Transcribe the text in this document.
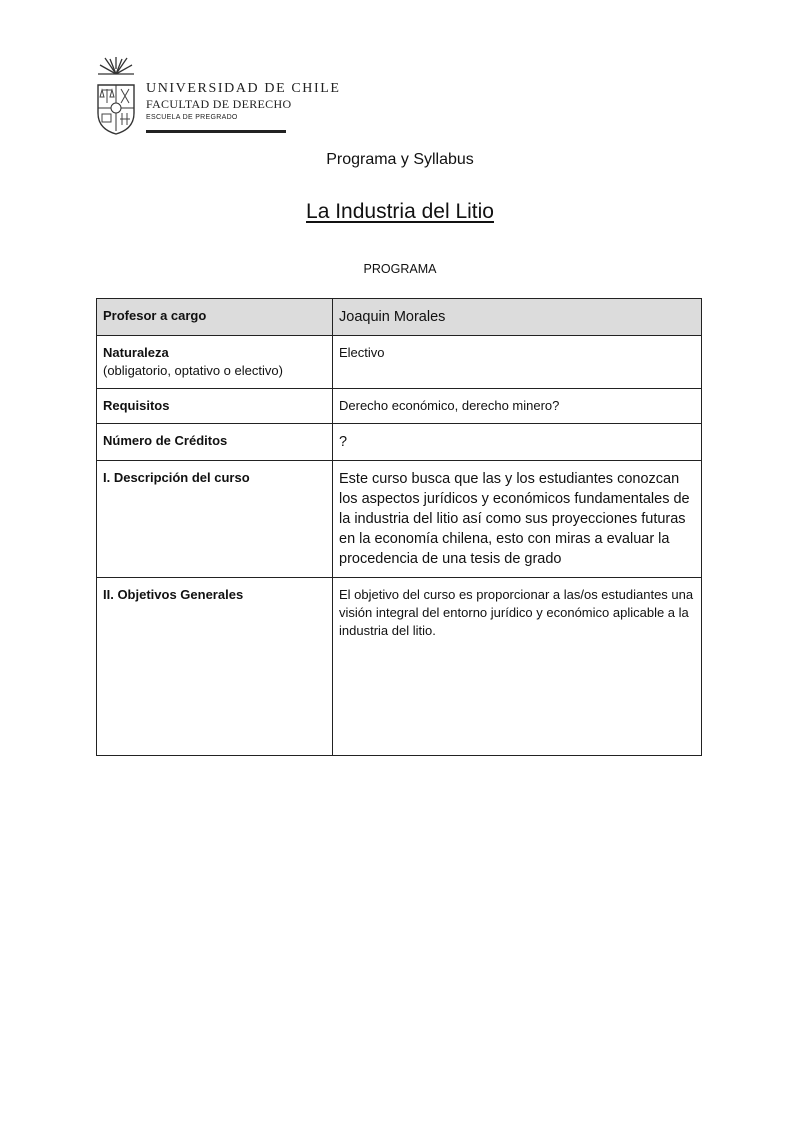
UNIVERSIDAD DE CHILE
FACULTAD DE DERECHO
ESCUELA DE PREGRADO
Programa y Syllabus
La Industria del Litio
PROGRAMA
Profesor a cargo	Joaquin Morales
Naturaleza
(obligatorio, optativo o electivo)	Electivo
Requisitos	Derecho económico, derecho minero?
Número de Créditos	?
I. Descripción del curso	Este curso busca que las y los estudiantes conozcan los aspectos jurídicos y económicos fundamentales de la industria del litio así como sus proyecciones futuras en la economía chilena, esto con miras a evaluar la procedencia de una tesis de grado
II. Objetivos Generales	El objetivo del curso es proporcionar a las/os estudiantes una visión integral del entorno jurídico y económico aplicable a la industria del litio.
